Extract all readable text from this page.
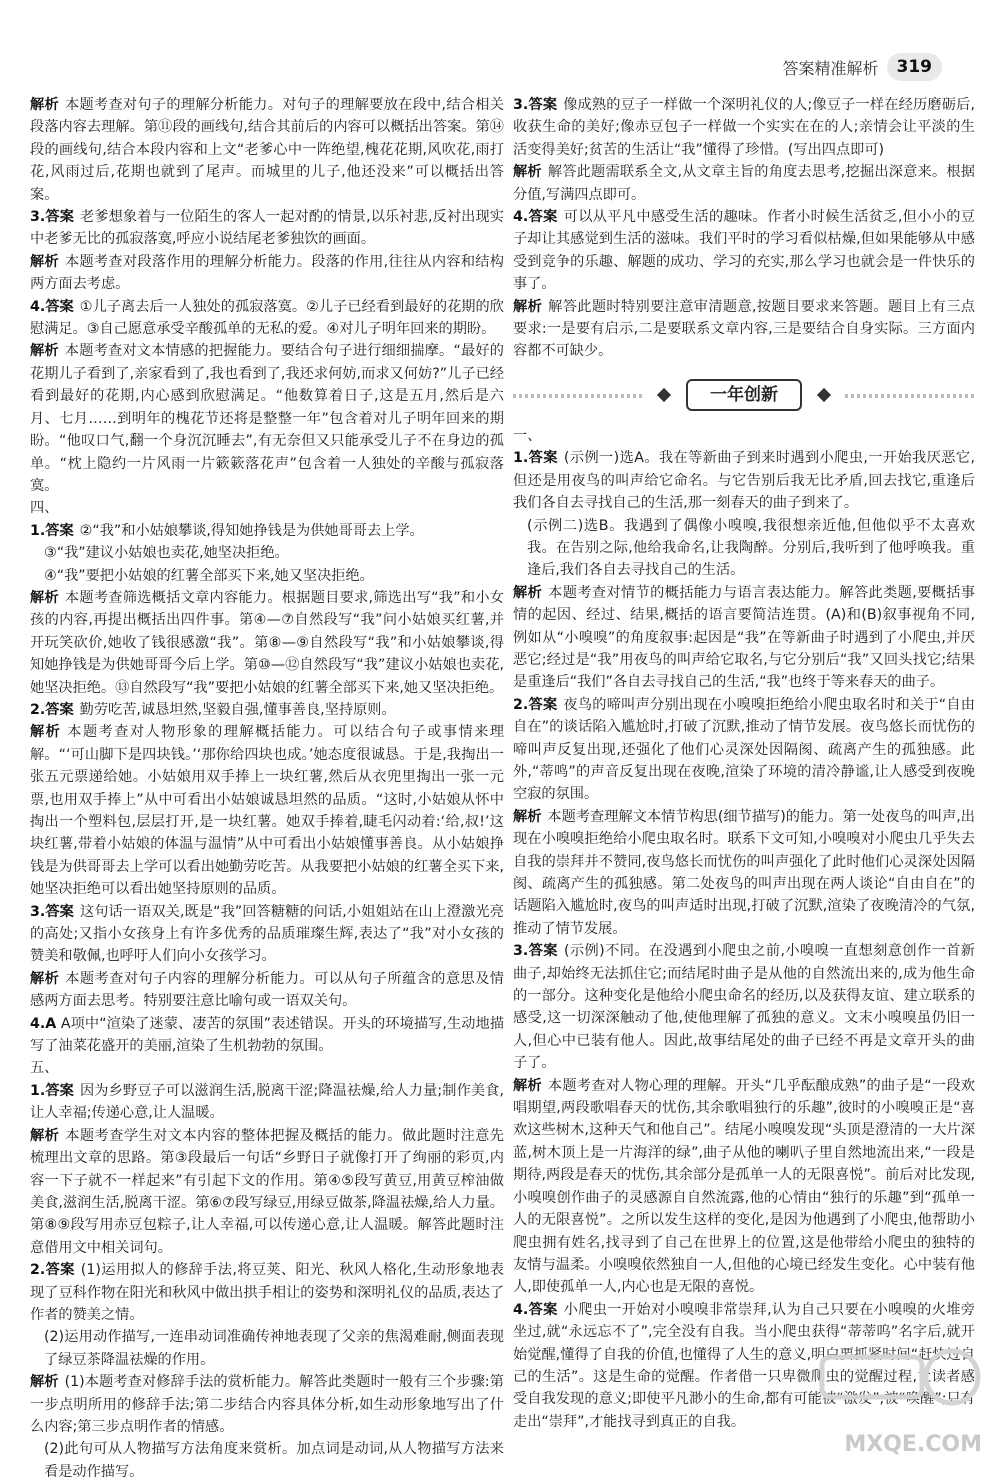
答案精准解析	319

解析 本题考查对句子的理解分析能力。对句子的理解要放在段中,结合相关段落内容去理解。第⑪段的画线句,结合其前后的内容可以概括出答案。第⑭段的画线句,结合本段内容和上文“老爹心中一阵绝望,槐花花期,风吹花,雨打花,风雨过后,花期也就到了尾声。而城里的儿子,他还没来”可以概括出答案。

3.答案 老爹想象着与一位陌生的客人一起对酌的情景,以乐衬悲,反衬出现实中老爹无比的孤寂落寞,呼应小说结尾老爹独饮的画面。

解析 本题考查对段落作用的理解分析能力。段落的作用,往往从内容和结构两方面去考虑。

4.答案 ①儿子离去后一人独处的孤寂落寞。②儿子已经看到最好的花期的欣慰满足。③自己愿意承受辛酸孤单的无私的爱。④对儿子明年回来的期盼。

解析 本题考查对文本情感的把握能力。要结合句子进行细细揣摩。“最好的花期儿子看到了,亲家看到了,我也看到了,我还求何妨,而求又何妨?”儿子已经看到最好的花期,内心感到欣慰满足。“他数算着日子,这是五月,然后是六月、七月……到明年的槐花节还将是整整一年”包含着对儿子明年回来的期盼。“他叹口气,翻一个身沉沉睡去”,有无奈但又只能承受儿子不在身边的孤单。“枕上隐约一片风雨一片簌簌落花声”包含着一人独处的辛酸与孤寂落寞。

四、

1.答案 ②“我”和小姑娘攀谈,得知她挣钱是为供她哥哥去上学。

③“我”建议小姑娘也卖花,她坚决拒绝。

④“我”要把小姑娘的红薯全部买下来,她又坚决拒绝。

解析 本题考查筛选概括文章内容能力。根据题目要求,筛选出写“我”和小女孩的内容,再提出概括出四件事。第④—⑦自然段写“我”问小姑娘买红薯,并开玩笑砍价,她收了钱很感激“我”。第⑧—⑨自然段写“我”和小姑娘攀谈,得知她挣钱是为供她哥哥今后上学。第⑩—⑫自然段写“我”建议小姑娘也卖花,她坚决拒绝。⑬自然段写“我”要把小姑娘的红薯全部买下来,她又坚决拒绝。

2.答案 勤劳吃苦,诚恳坦然,坚毅自强,懂事善良,坚持原则。

解析 本题考查对人物形象的理解概括能力。可以结合句子或事情来理解。“‘可山脚下是四块钱。’‘那你给四块也成。’她态度很诚恳。于是,我掏出一张五元票递给她。小姑娘用双手捧上一块红薯,然后从衣兜里掏出一张一元票,也用双手捧上”从中可看出小姑娘诚恳坦然的品质。“这时,小姑娘从怀中掏出一个塑料包,层层打开,是一块红薯。她双手捧着,睫毛闪动着:‘给,叔!’这块红薯,带着小姑娘的体温与温情”从中可看出小姑娘懂事善良。从小姑娘挣钱是为供哥哥去上学可以看出她勤劳吃苦。从我要把小姑娘的红薯全买下来,她坚决拒绝可以看出她坚持原则的品质。

3.答案 这句话一语双关,既是“我”回答糖糖的问话,小姐姐站在山上澄激光亮的高处;又指小女孩身上有许多优秀的品质璀璨生辉,表达了“我”对小女孩的赞美和敬佩,也呼吁人们向小女孩学习。

解析 本题考查对句子内容的理解分析能力。可以从句子所蕴含的意思及情感两方面去思考。特别要注意比喻句或一语双关句。

4.A A项中“渲染了迷蒙、凄苦的氛围”表述错误。开头的环境描写,生动地描写了油菜花盛开的美丽,渲染了生机勃勃的氛围。

五、

1.答案 因为乡野豆子可以滋润生活,脱离干涩;降温祛燥,给人力量;制作美食,让人幸福;传递心意,让人温暖。

解析 本题考查学生对文本内容的整体把握及概括的能力。做此题时注意先梳理出文章的思路。第③段最后一句话“乡野日子就像打开了绚丽的彩页,内容一下子就不一样起来”有引起下文的作用。第④⑤段写黄豆,用黄豆榨油做美食,滋润生活,脱离干涩。第⑥⑦段写绿豆,用绿豆做茶,降温祛燥,给人力量。第⑧⑨段写用赤豆包粽子,让人幸福,可以传递心意,让人温暖。解答此题时注意借用文中相关词句。

2.答案 (1)运用拟人的修辞手法,将豆荚、阳光、秋风人格化,生动形象地表现了豆科作物在阳光和秋风中做出拱手相让的姿势和深明礼仪的品质,表达了作者的赞美之情。

(2)运用动作描写,一连串动词准确传神地表现了父亲的焦渴难耐,侧面表现了绿豆茶降温祛燥的作用。

解析 (1)本题考查对修辞手法的赏析能力。解答此类题时一般有三个步骤:第一步点明所用的修辞手法;第二步结合内容具体分析,如生动形象地写出了什么内容;第三步点明作者的情感。

(2)此句可从人物描写方法角度来赏析。加点词是动词,从人物描写方法来看是动作描写。

3.答案 像成熟的豆子一样做一个深明礼仪的人;像豆子一样在经历磨砺后,收获生命的美好;像赤豆包子一样做一个实实在在的人;亲情会让平淡的生活变得美好;贫苦的生活让“我”懂得了珍惜。(写出四点即可)

解析 解答此题需联系全文,从文章主旨的角度去思考,挖掘出深意来。根据分值,写满四点即可。

4.答案 可以从平凡中感受生活的趣味。作者小时候生活贫乏,但小小的豆子却让其感觉到生活的滋味。我们平时的学习看似枯燥,但如果能够从中感受到竞争的乐趣、解题的成功、学习的充实,那么学习也就会是一件快乐的事了。

解析 解答此题时特别要注意审清题意,按题目要求来答题。题目上有三点要求:一是要有启示,二是要联系文章内容,三是要结合自身实际。三方面内容都不可缺少。

一年创新

一、

1.答案 (示例一)选A。我在等新曲子到来时遇到小爬虫,一开始我厌恶它,但还是用夜鸟的叫声给它命名。与它告别后我无比矛盾,回去找它,重逢后我们各自去寻找自己的生活,那一刻春天的曲子到来了。

(示例二)选B。我遇到了偶像小嗅嗅,我很想亲近他,但他似乎不太喜欢我。在告别之际,他给我命名,让我陶醉。分别后,我听到了他呼唤我。重逢后,我们各自去寻找自己的生活。

解析 本题考查对情节的概括能力与语言表达能力。解答此类题,要概括事情的起因、经过、结果,概括的语言要简洁连贯。(A)和(B)叙事视角不同,例如从“小嗅嗅”的角度叙事:起因是“我”在等新曲子时遇到了小爬虫,并厌恶它;经过是“我”用夜鸟的叫声给它取名,与它分别后“我”又回头找它;结果是重逢后“我们”各自去寻找自己的生活,“我”也终于等来春天的曲子。

2.答案 夜鸟的啼叫声分别出现在小嗅嗅拒绝给小爬虫取名时和关于“自由自在”的谈话陷入尴尬时,打破了沉默,推动了情节发展。夜鸟悠长而忧伤的啼叫声反复出现,还强化了他们心灵深处因隔阂、疏离产生的孤独感。此外,“蒂鸣”的声音反复出现在夜晚,渲染了环境的清冷静谧,让人感受到夜晚空寂的氛围。

解析 本题考查理解文本情节构思(细节描写)的能力。第一处夜鸟的叫声,出现在小嗅嗅拒绝给小爬虫取名时。联系下文可知,小嗅嗅对小爬虫几乎失去自我的崇拜并不赞同,夜鸟悠长而忧伤的叫声强化了此时他们心灵深处因隔阂、疏离产生的孤独感。第二处夜鸟的叫声出现在两人谈论“自由自在”的话题陷入尴尬时,夜鸟的叫声适时出现,打破了沉默,渲染了夜晚清冷的气氛,推动了情节发展。

3.答案 (示例)不同。在没遇到小爬虫之前,小嗅嗅一直想刻意创作一首新曲子,却始终无法抓住它;而结尾时曲子是从他的自然流出来的,成为他生命的一部分。这种变化是他给小爬虫命名的经历,以及获得友谊、建立联系的感受,这一切深深触动了他,使他理解了孤独的意义。文末小嗅嗅虽仍旧一人,但心中已装有他人。因此,故事结尾处的曲子已经不再是文章开头的曲子了。

解析 本题考查对人物心理的理解。开头“几乎酝酿成熟”的曲子是“一段欢唱期望,两段歌唱春天的忧伤,其余歌唱独行的乐趣”,彼时的小嗅嗅正是“喜欢这些树木,这种天气和他自己”。结尾小嗅嗅发现“头顶是澄清的一大片深蓝,树木顶上是一片海洋的绿”,曲子从他的喇叭子里自然地流出来,“一段是期待,两段是春天的忧伤,其余部分是孤单一人的无限喜悦”。前后对比发现,小嗅嗅创作曲子的灵感源自自然流露,他的心情由“独行的乐趣”到“孤单一人的无限喜悦”。之所以发生这样的变化,是因为他遇到了小爬虫,他帮助小爬虫拥有姓名,找寻到了自己在世界上的位置,这是他带给小爬虫的独特的友情与温柔。小嗅嗅依然独自一人,但他的心境已经发生变化。心中装有他人,即使孤单一人,内心也是无限的喜悦。

4.答案 小爬虫一开始对小嗅嗅非常崇拜,认为自己只要在小嗅嗅的火堆旁坐过,就“永远忘不了”,完全没有自我。当小爬虫获得“蒂蒂呜”名字后,就开始觉醒,懂得了自我的价值,也懂得了人生的意义,明白要抓紧时间“赶快过自己的生活”。这是生命的觉醒。作者借一只卑微爬虫的觉醒过程,让读者感受自我发现的意义;即使平凡渺小的生命,都有可能被“激发”,被“唤醒”;只有走出“崇拜”,才能找寻到真正的自我。

MXQE.COM
